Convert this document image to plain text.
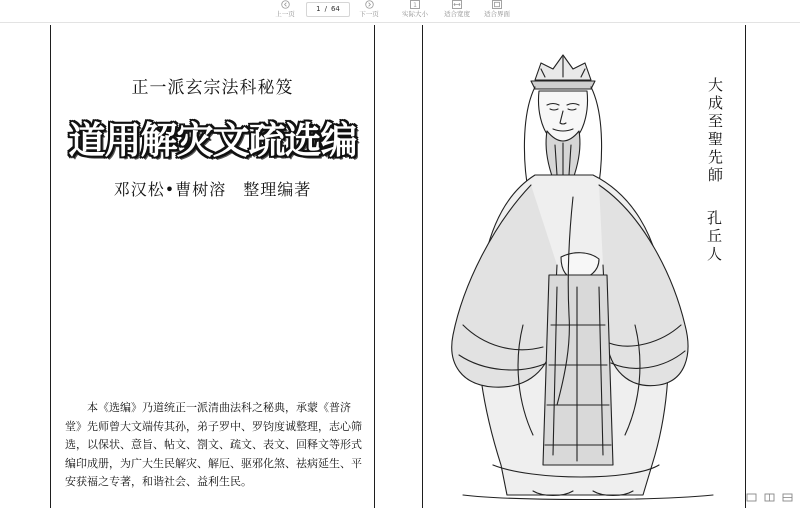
上一页
1 / 64
下一页
1
实际大小	适合宽度	适合界面
正一派玄宗法科秘笈
道用解灾文疏选编
邓汉松•曹树溶　整理编著

本《选编》乃道统正一派清曲法科之秘典，承蒙《普济堂》先师曾大文端传其孙，弟子罗中、罗钧度诚整理，志心筛选，以保状、意旨、帖文、劄文、疏文、表文、回释文等形式编印成册，为广大生民解灾、解厄、驱邪化煞、祛病延生、平安获福之专著，和谐社会、益利生民。

大成至聖先師
孔丘人
